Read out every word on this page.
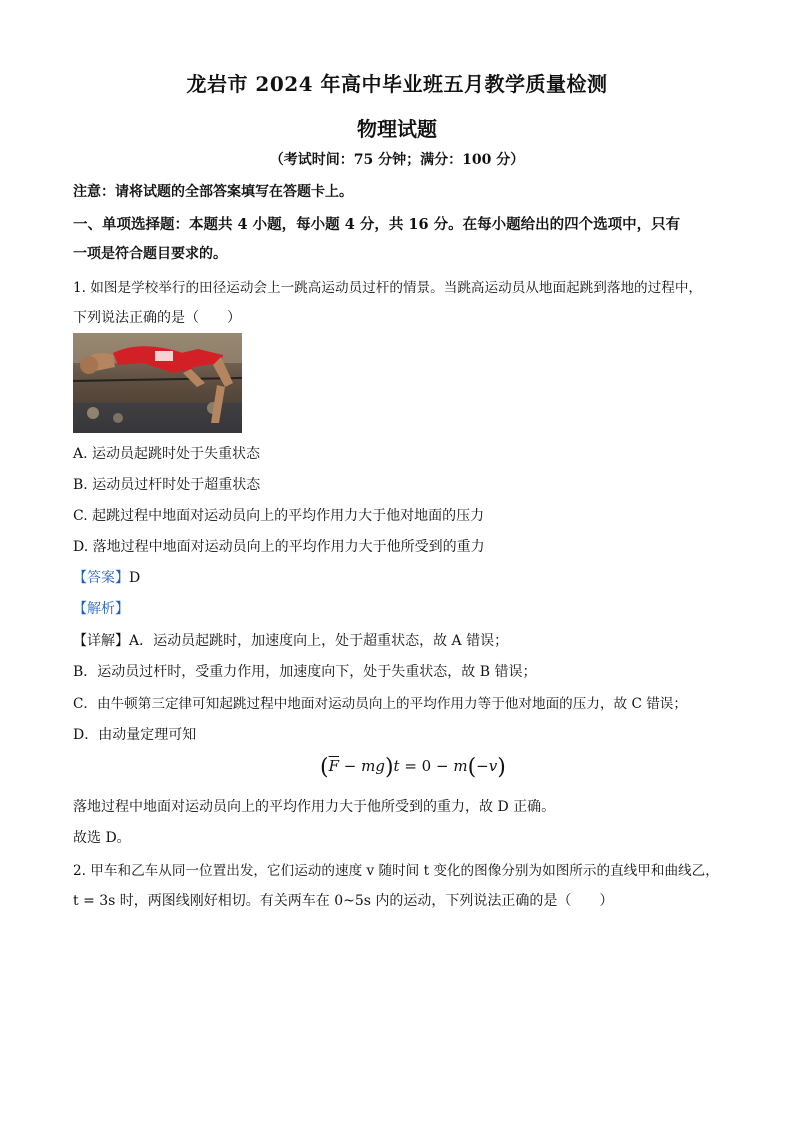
龙岩市 2024 年高中毕业班五月教学质量检测
物理试题
（考试时间：75 分钟；满分：100 分）
注意：请将试题的全部答案填写在答题卡上。
一、单项选择题：本题共 4 小题，每小题 4 分，共 16 分。在每小题给出的四个选项中，只有
一项是符合题目要求的。
1. 如图是学校举行的田径运动会上一跳高运动员过杆的情景。当跳高运动员从地面起跳到落地的过程中，
下列说法正确的是（　　）
A. 运动员起跳时处于失重状态
B. 运动员过杆时处于超重状态
C. 起跳过程中地面对运动员向上的平均作用力大于他对地面的压力
D. 落地过程中地面对运动员向上的平均作用力大于他所受到的重力
【答案】D
【解析】
【详解】A．运动员起跳时，加速度向上，处于超重状态，故 A 错误；
B．运动员过杆时，受重力作用，加速度向下，处于失重状态，故 B 错误；
C．由牛顿第三定律可知起跳过程中地面对运动员向上的平均作用力等于他对地面的压力，故 C 错误；
D．由动量定理可知
$(\overline{F} - mg)t = 0 - m(-v)$
落地过程中地面对运动员向上的平均作用力大于他所受到的重力，故 D 正确。
故选 D。
2. 甲车和乙车从同一位置出发，它们运动的速度 v 随时间 t 变化的图像分别为如图所示的直线甲和曲线乙，
t = 3s 时，两图线刚好相切。有关两车在 0~5s 内的运动，下列说法正确的是（　　）
